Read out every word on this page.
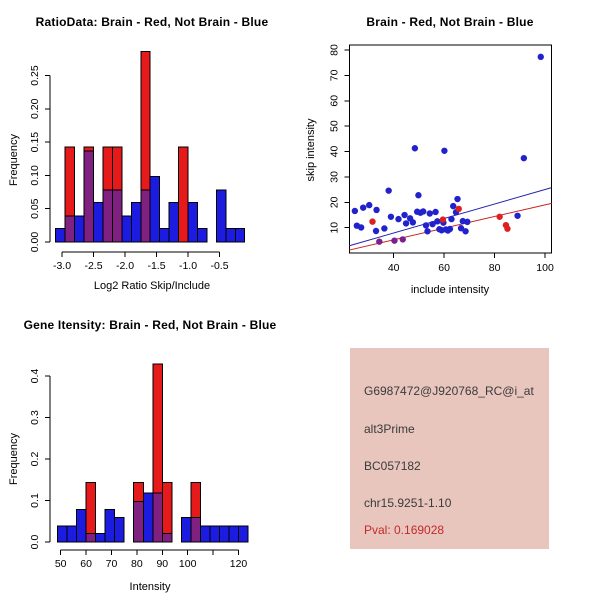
-3.0 -2.5 -2.0 -1.5 -1.0 -0.5
0.00
0.05
0.10
0.15
0.20
0.25
50 60 70 80 90 100	120
0.0
0.1
0.2
0.3
0.4
40	60	80	100
10
20
30
40
50
60
70
80
RatioData: Brain - Red, Not Brain - Blue	Brain - Red, Not Brain - Blue
Gene Itensity: Brain - Red, Not Brain - Blue
Log2 Ratio Skip/Include
Frequency
include intensity
skip intensity
Intensity
Frequency
G6987472@J920768_RC@i_at
alt3Prime
BC057182
chr15.9251-1.10
Pval: 0.169028
